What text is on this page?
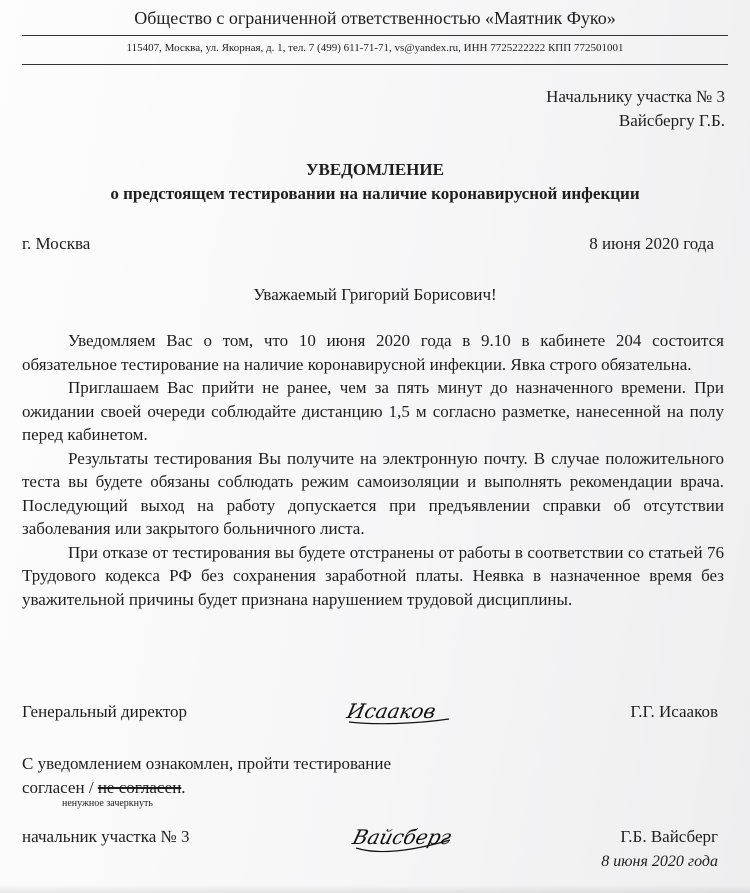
Общество с ограниченной ответственностью «Маятник Фуко»
115407, Москва, ул. Якорная, д. 1, тел. 7 (499) 611-71-71, vs@yandex.ru, ИНН 7725222222 КПП 772501001
Начальнику участка № 3
Вайсбергу Г.Б.
УВЕДОМЛЕНИЕ
о предстоящем тестировании на наличие коронавирусной инфекции
г. Москва	8 июня 2020 года
Уважаемый Григорий Борисович!

Уведомляем Вас о том, что 10 июня 2020 года в 9.10 в кабинете 204 состоится обязательное тестирование на наличие коронавирусной инфекции. Явка строго обязательна.

Приглашаем Вас прийти не ранее, чем за пять минут до назначенного времени. При ожидании своей очереди соблюдайте дистанцию 1,5 м согласно разметке, нанесенной на полу перед кабинетом.

Результаты тестирования Вы получите на электронную почту. В случае положительного теста вы будете обязаны соблюдать режим самоизоляции и выполнять рекомендации врача. Последующий выход на работу допускается при предъявлении справки об отсутствии заболевания или закрытого больничного листа.

При отказе от тестирования вы будете отстранены от работы в соответствии со статьей 76 Трудового кодекса РФ без сохранения заработной платы. Неявка в назначенное время без уважительной причины будет признана нарушением трудовой дисциплины.

Генеральный директор	Исааков	Г.Г. Исааков
С уведомлением ознакомлен, пройти тестирование
согласен / не согласен.
ненужное зачеркнуть
начальник участка № 3	Вайсберг	Г.Б. Вайсберг
8 июня 2020 года
